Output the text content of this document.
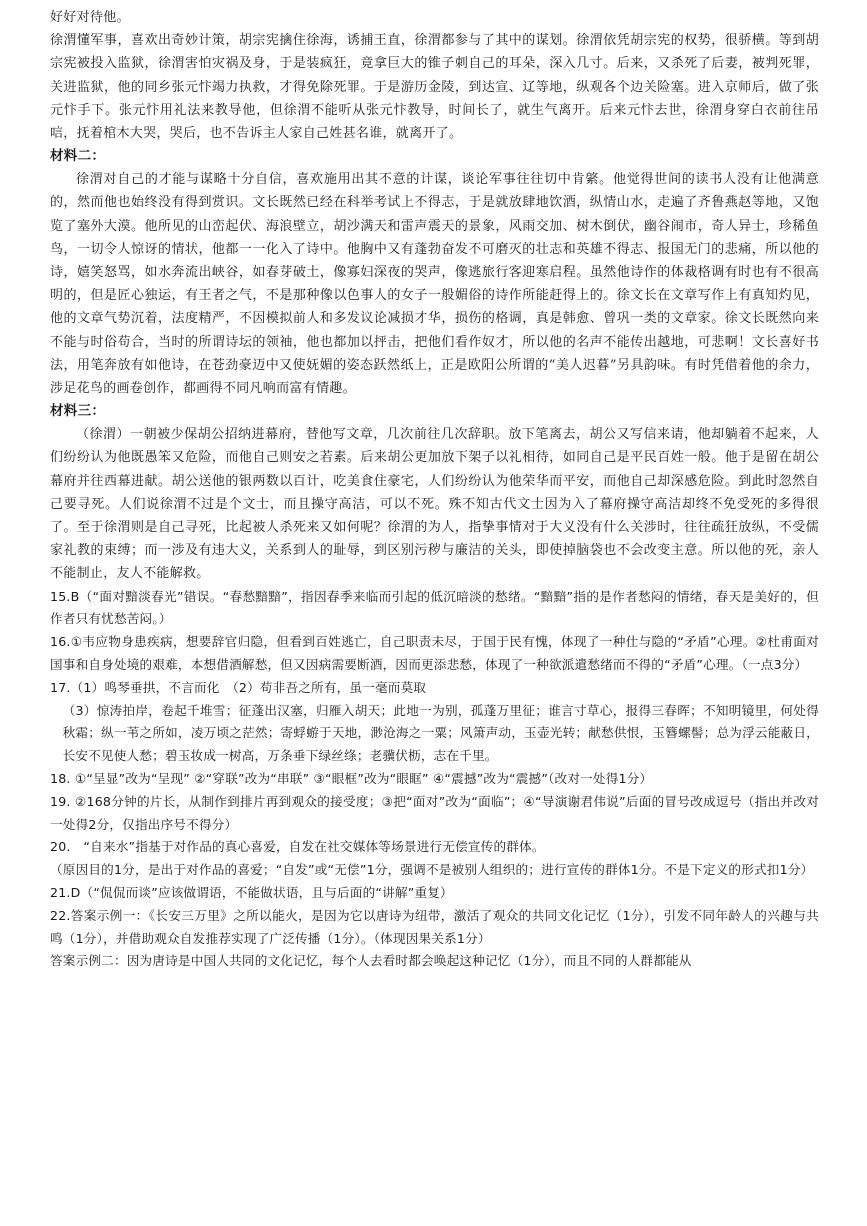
好好对待他。

徐渭懂军事，喜欢出奇妙计策，胡宗宪擒住徐海，诱捕王直，徐渭都参与了其中的谋划。徐渭依凭胡宗宪的权势，很骄横。等到胡宗宪被投入监狱，徐渭害怕灾祸及身，于是装疯狂，竟拿巨大的锥子刺自己的耳朵，深入几寸。后来，又杀死了后妻，被判死罪，关进监狱，他的同乡张元忭竭力执救，才得免除死罪。于是游历金陵，到达宣、辽等地，纵观各个边关险塞。进入京师后，做了张元忭手下。张元忭用礼法来教导他，但徐渭不能听从张元忭教导，时间长了，就生气离开。后来元忭去世，徐渭身穿白衣前往吊唁，抚着棺木大哭，哭后，也不告诉主人家自己姓甚名谁，就离开了。

材料二：

徐渭对自己的才能与谋略十分自信，喜欢施用出其不意的计谋，谈论军事往往切中肯綮。他觉得世间的读书人没有让他满意的，然而他也始终没有得到赏识。文长既然已经在科举考试上不得志，于是就放肆地饮酒，纵情山水，走遍了齐鲁燕赵等地，又饱览了塞外大漠。他所见的山峦起伏、海浪壁立，胡沙满天和雷声震天的景象，风雨交加、树木倒伏，幽谷闹市，奇人异士，珍稀鱼鸟，一切令人惊讶的情状，他都一一化入了诗中。他胸中又有蓬勃奋发不可磨灭的壮志和英雄不得志、报国无门的悲痛，所以他的诗，嬉笑怒骂，如水奔流出峡谷，如春芽破土，像寡妇深夜的哭声，像逃旅行客迎寒启程。虽然他诗作的体裁格调有时也有不很高明的，但是匠心独运，有王者之气，不是那种像以色事人的女子一般媚俗的诗作所能赶得上的。徐文长在文章写作上有真知灼见，他的文章气势沉着，法度精严，不因模拟前人和多发议论减损才华，损伤的格调，真是韩愈、曾巩一类的文章家。徐文长既然向来不能与时俗苟合，当时的所谓诗坛的领袖，他也都加以抨击，把他们看作奴才，所以他的名声不能传出越地，可悲啊！文长喜好书法，用笔奔放有如他诗，在苍劲豪迈中又使妩媚的姿态跃然纸上，正是欧阳公所谓的“美人迟暮”另具韵味。有时凭借着他的余力，涉足花鸟的画卷创作，都画得不同凡响而富有情趣。

材料三：

（徐渭）一朝被少保胡公招纳进幕府，替他写文章，几次前往几次辞职。放下笔离去，胡公又写信来请，他却躺着不起来，人们纷纷认为他既愚笨又危险，而他自己则安之若素。后来胡公更加放下架子以礼相待，如同自己是平民百姓一般。他于是留在胡公幕府并往西幕进献。胡公送他的银两数以百计，吃美食住豪宅，人们纷纷认为他荣华而平安，而他自己却深感危险。到此时忽然自己要寻死。人们说徐渭不过是个文士，而且操守高洁，可以不死。殊不知古代文士因为入了幕府操守高洁却终不免受死的多得很了。至于徐渭则是自己寻死，比起被人杀死来又如何呢？徐渭的为人，指挚事情对于大义没有什么关涉时，往往疏狂放纵，不受儒家礼教的束缚；而一涉及有违大义，关系到人的耻辱，到区别污秽与廉洁的关头，即使掉脑袋也不会改变主意。所以他的死，亲人不能制止，友人不能解救。

15.B（“面对黯淡春光”错误。“春愁黯黯”，指因春季来临而引起的低沉暗淡的愁绪。“黯黯”指的是作者愁闷的情绪，春天是美好的，但作者只有忧愁苦闷。）

16.①韦应物身患疾病，想要辞官归隐，但看到百姓逃亡，自己职责未尽，于国于民有愧，体现了一种仕与隐的“矛盾”心理。②杜甫面对国事和自身处境的艰难，本想借酒解愁，但又因病需要断酒，因而更添悲愁，体现了一种欲派遣愁绪而不得的“矛盾”心理。（一点3分）

17.（1）鸣琴垂拱，不言而化　（2）苟非吾之所有，虽一毫而莫取

（3）惊涛拍岸，卷起千堆雪；征蓬出汉塞，归雁入胡天；此地一为别，孤蓬万里征；谁言寸草心，报得三春晖；不知明镜里，何处得秋霜；纵一苇之所如，凌万顷之茫然；寄蜉蝣于天地，渺沧海之一粟；风箫声动，玉壶光转；献愁供恨，玉簪螺髻；总为浮云能蔽日，长安不见使人愁；碧玉妆成一树高，万条垂下绿丝绦；老骥伏枥，志在千里。

18. ①“呈显”改为“呈现” ②“穿联”改为“串联” ③“眼框”改为“眼眶” ④“震撼”改为“震撼”（改对一处得1分）

19. ②168分钟的片长，从制作到排片再到观众的接受度；③把“面对”改为“面临”；④“导演谢君伟说”后面的冒号改成逗号（指出并改对一处得2分，仅指出序号不得分）

20.　“自来水”指基于对作品的真心喜爱，自发在社交媒体等场景进行无偿宣传的群体。

（原因目的1分，是出于对作品的喜爱；“自发”或“无偿”1分，强调不是被别人组织的；进行宣传的群体1分。不是下定义的形式扣1分）

21.D（“侃侃而谈”应该做谓语，不能做状语，且与后面的“讲解”重复）

22.答案示例一：《长安三万里》之所以能火，是因为它以唐诗为纽带，激活了观众的共同文化记忆（1分），引发不同年龄人的兴趣与共鸣（1分），并借助观众自发推荐实现了广泛传播（1分）。（体现因果关系1分）

答案示例二：因为唐诗是中国人共同的文化记忆，每个人去看时都会唤起这种记忆（1分），而且不同的人群都能从
